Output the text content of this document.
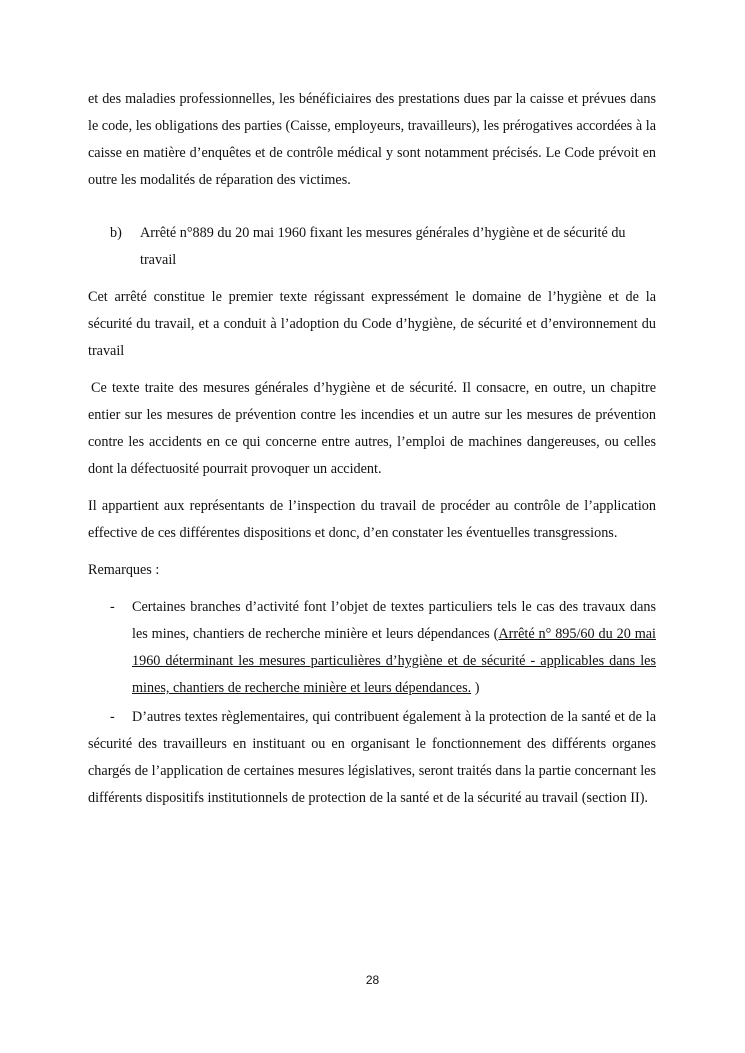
et des maladies professionnelles, les bénéficiaires des prestations dues par la caisse et prévues dans le code, les obligations des parties (Caisse, employeurs, travailleurs), les prérogatives accordées à la caisse en matière d’enquêtes et de contrôle médical y sont notamment précisés. Le Code prévoit en outre les modalités de réparation des victimes.

b)	Arrêté n°889 du 20 mai 1960 fixant les mesures générales d’hygiène et de sécurité du travail

Cet arrêté constitue le premier texte régissant expressément le domaine de l’hygiène et de la sécurité du travail, et a conduit à l’adoption du Code d’hygiène, de sécurité et d’environnement du travail

Ce texte traite des mesures générales d’hygiène et de sécurité. Il consacre, en outre, un chapitre entier sur les mesures de prévention contre les incendies et un autre sur les mesures de prévention contre les accidents en ce qui concerne entre autres, l’emploi de machines dangereuses, ou celles dont la défectuosité pourrait provoquer un accident.

Il appartient aux représentants de l’inspection du travail de procéder au contrôle de l’application effective de ces différentes dispositions et donc, d’en constater les éventuelles transgressions.

Remarques :

-	Certaines branches d’activité font l’objet de textes particuliers tels le cas des travaux dans les mines, chantiers de recherche minière et leurs dépendances (Arrêté n° 895/60 du 20 mai 1960 déterminant les mesures particulières d’hygiène et de sécurité - applicables dans les mines, chantiers de recherche minière et leurs dépendances. )

- D’autres textes règlementaires, qui contribuent également à la protection de la santé et de la sécurité des travailleurs en instituant ou en organisant le fonctionnement des différents organes chargés de l’application de certaines mesures législatives, seront traités dans la partie concernant les différents dispositifs institutionnels de protection de la santé et de la sécurité au travail (section II).

28
